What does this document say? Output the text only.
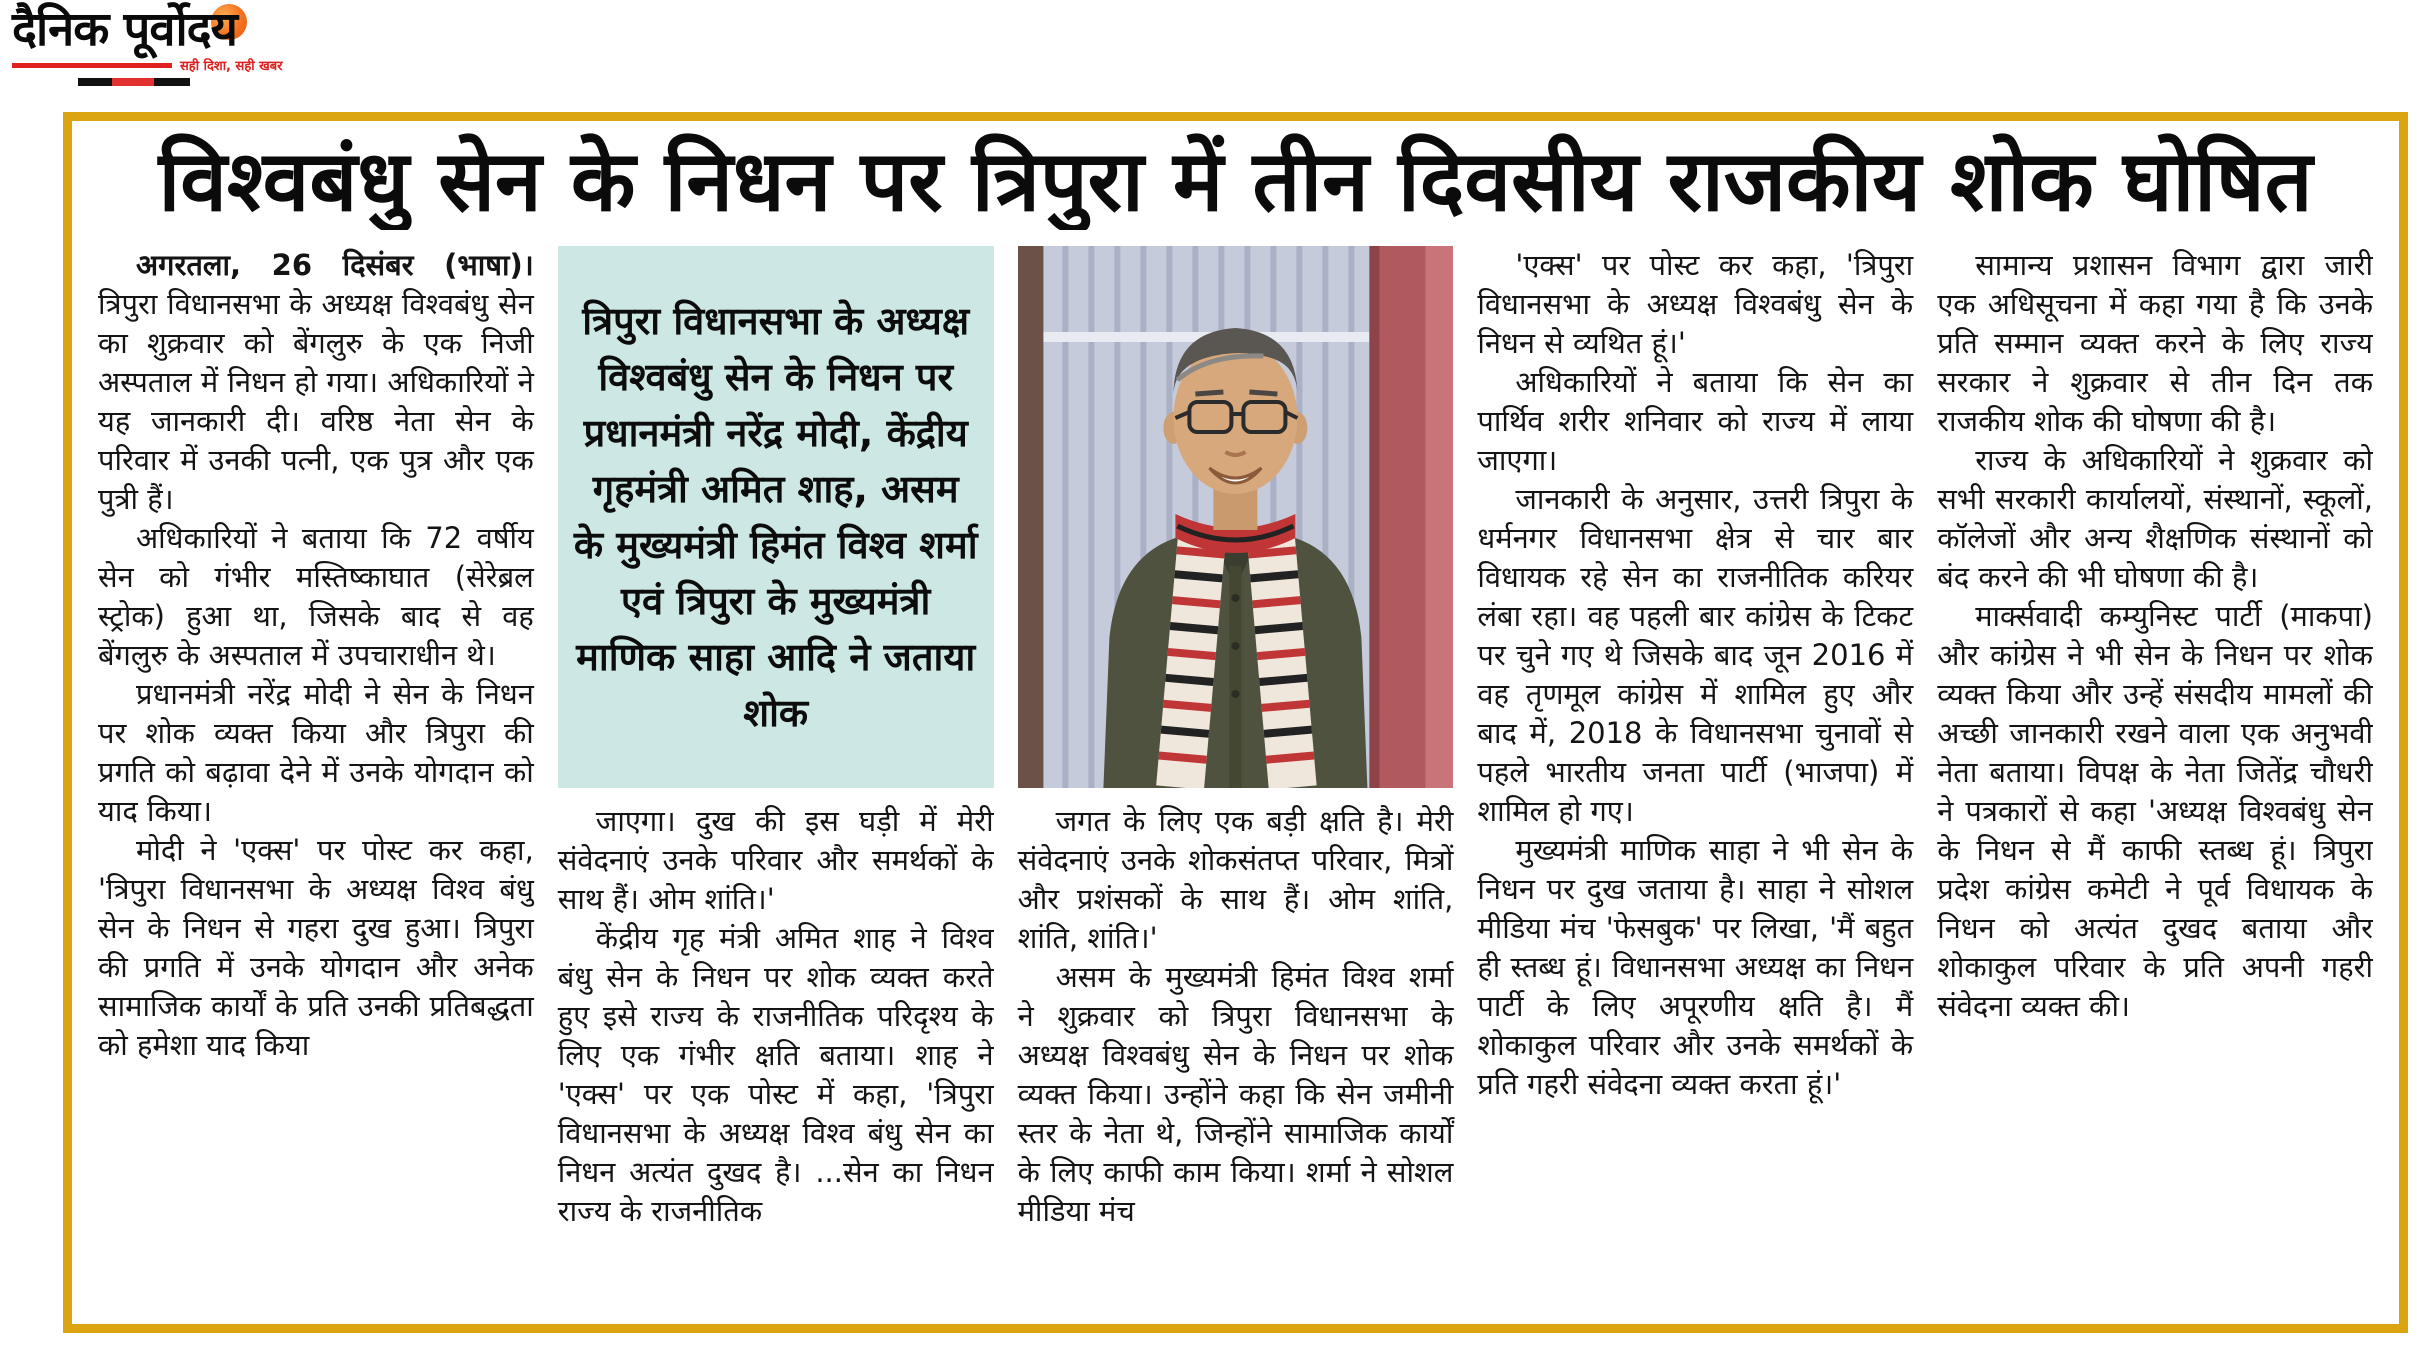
दैनिक पूर्वोदय
सही दिशा, सही खबर
विश्वबंधु सेन के निधन पर त्रिपुरा में तीन दिवसीय राजकीय शोक घोषित

अगरतला, 26 दिसंबर (भाषा)। त्रिपुरा विधानसभा के अध्यक्ष विश्वबंधु सेन का शुक्रवार को बेंगलुरु के एक निजी अस्पताल में निधन हो गया। अधिकारियों ने यह जानकारी दी। वरिष्ठ नेता सेन के परिवार में उनकी पत्नी, एक पुत्र और एक पुत्री हैं।

अधिकारियों ने बताया कि 72 वर्षीय सेन को गंभीर मस्तिष्काघात (सेरेब्रल स्ट्रोक) हुआ था, जिसके बाद से वह बेंगलुरु के अस्पताल में उपचाराधीन थे।

प्रधानमंत्री नरेंद्र मोदी ने सेन के निधन पर शोक व्यक्त किया और त्रिपुरा की प्रगति को बढ़ावा देने में उनके योगदान को याद किया।

मोदी ने 'एक्स' पर पोस्ट कर कहा, 'त्रिपुरा विधानसभा के अध्यक्ष विश्व बंधु सेन के निधन से गहरा दुख हुआ। त्रिपुरा की प्रगति में उनके योगदान और अनेक सामाजिक कार्यों के प्रति उनकी प्रतिबद्धता को हमेशा याद किया

त्रिपुरा विधानसभा के अध्यक्ष विश्वबंधु सेन के निधन पर प्रधानमंत्री नरेंद्र मोदी, केंद्रीय गृहमंत्री अमित शाह, असम के मुख्यमंत्री हिमंत विश्व शर्मा एवं त्रिपुरा के मुख्यमंत्री माणिक साहा आदि ने जताया शोक

जाएगा। दुख की इस घड़ी में मेरी संवेदनाएं उनके परिवार और समर्थकों के साथ हैं। ओम शांति।'

केंद्रीय गृह मंत्री अमित शाह ने विश्व बंधु सेन के निधन पर शोक व्यक्त करते हुए इसे राज्य के राजनीतिक परिदृश्य के लिए एक गंभीर क्षति बताया। शाह ने 'एक्स' पर एक पोस्ट में कहा, 'त्रिपुरा विधानसभा के अध्यक्ष विश्व बंधु सेन का निधन अत्यंत दुखद है। ...सेन का निधन राज्य के राजनीतिक

जगत के लिए एक बड़ी क्षति है। मेरी संवेदनाएं उनके शोकसंतप्त परिवार, मित्रों और प्रशंसकों के साथ हैं। ओम शांति, शांति, शांति।'

असम के मुख्यमंत्री हिमंत विश्व शर्मा ने शुक्रवार को त्रिपुरा विधानसभा के अध्यक्ष विश्वबंधु सेन के निधन पर शोक व्यक्त किया। उन्होंने कहा कि सेन जमीनी स्तर के नेता थे, जिन्होंने सामाजिक कार्यों के लिए काफी काम किया। शर्मा ने सोशल मीडिया मंच

'एक्स' पर पोस्ट कर कहा, 'त्रिपुरा विधानसभा के अध्यक्ष विश्वबंधु सेन के निधन से व्यथित हूं।'

अधिकारियों ने बताया कि सेन का पार्थिव शरीर शनिवार को राज्य में लाया जाएगा।

जानकारी के अनुसार, उत्तरी त्रिपुरा के धर्मनगर विधानसभा क्षेत्र से चार बार विधायक रहे सेन का राजनीतिक करियर लंबा रहा। वह पहली बार कांग्रेस के टिकट पर चुने गए थे जिसके बाद जून 2016 में वह तृणमूल कांग्रेस में शामिल हुए और बाद में, 2018 के विधानसभा चुनावों से पहले भारतीय जनता पार्टी (भाजपा) में शामिल हो गए।

मुख्यमंत्री माणिक साहा ने भी सेन के निधन पर दुख जताया है। साहा ने सोशल मीडिया मंच 'फेसबुक' पर लिखा, 'मैं बहुत ही स्तब्ध हूं। विधानसभा अध्यक्ष का निधन पार्टी के लिए अपूरणीय क्षति है। मैं शोकाकुल परिवार और उनके समर्थकों के प्रति गहरी संवेदना व्यक्त करता हूं।'

सामान्य प्रशासन विभाग द्वारा जारी एक अधिसूचना में कहा गया है कि उनके प्रति सम्मान व्यक्त करने के लिए राज्य सरकार ने शुक्रवार से तीन दिन तक राजकीय शोक की घोषणा की है।

राज्य के अधिकारियों ने शुक्रवार को सभी सरकारी कार्यालयों, संस्थानों, स्कूलों, कॉलेजों और अन्य शैक्षणिक संस्थानों को बंद करने की भी घोषणा की है।

मार्क्सवादी कम्युनिस्ट पार्टी (माकपा) और कांग्रेस ने भी सेन के निधन पर शोक व्यक्त किया और उन्हें संसदीय मामलों की अच्छी जानकारी रखने वाला एक अनुभवी नेता बताया। विपक्ष के नेता जितेंद्र चौधरी ने पत्रकारों से कहा 'अध्यक्ष विश्वबंधु सेन के निधन से मैं काफी स्तब्ध हूं। त्रिपुरा प्रदेश कांग्रेस कमेटी ने पूर्व विधायक के निधन को अत्यंत दुखद बताया और शोकाकुल परिवार के प्रति अपनी गहरी संवेदना व्यक्त की।
